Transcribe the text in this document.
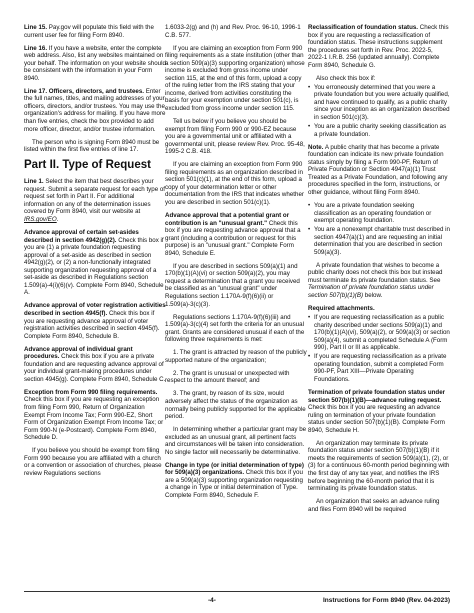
Line 15. Pay.gov will populate this field with the current user fee for filing Form 8940.

Line 16. If you have a website, enter the complete web address. Also, list any websites maintained on your behalf. The information on your website should be consistent with the information in your Form 8940.

Line 17. Officers, directors, and trustees. Enter the full names, titles, and mailing addresses of your officers, directors, and/or trustees. You may use the organization's address for mailing. If you have more than five entries, check the box provided to add more officer, director, and/or trustee information.

The person who is signing Form 8940 must be listed within the first five entries of line 17.

Part II. Type of Request

Line 1. Select the item that best describes your request. Submit a separate request for each type of request set forth in Part II. For additional information on any of the determination issues covered by Form 8940, visit our website at IRS.gov/EO.

Advance approval of certain set-asides described in section 4942(g)(2). Check this box if you are (1) a private foundation requesting approval of a set-aside as described in section 4942(g)(2), or (2) a non-functionally integrated supporting organization requesting approval of a set-aside as described in Regulations section 1.509(a)-4(i)(6)(v). Complete Form 8940, Schedule A.

Advance approval of voter registration activities described in section 4945(f). Check this box if you are requesting advance approval of voter registration activities described in section 4945(f). Complete Form 8940, Schedule B.

Advance approval of individual grant procedures. Check this box if you are a private foundation and are requesting advance approval of your individual grant-making procedures under section 4945(g). Complete Form 8940, Schedule C.

Exception from Form 990 filing requirements. Check this box if you are requesting an exception from filing Form 990, Return of Organization Exempt From Income Tax; Form 990-EZ, Short Form of Organization Exempt From Income Tax; or Form 990-N (e-Postcard). Complete Form 8940, Schedule D.

If you believe you should be exempt from filing Form 990 because you are affiliated with a church or a convention or association of churches, please review Regulations sections

1.6033-2(g) and (h) and Rev. Proc. 96-10, 1996-1 C.B. 577.

If you are claiming an exception from Form 990 filing requirements as a state institution (other than a section 509(a)(3) supporting organization) whose income is excluded from gross income under section 115, at the end of this form, upload a copy of the ruling letter from the IRS stating that your income, derived from activities constituting the basis for your exemption under section 501(c), is excluded from gross income under section 115.

Tell us below if you believe you should be exempt from filing Form 990 or 990-EZ because you are a governmental unit or affiliated with a governmental unit, please review Rev. Proc. 95-48, 1995-2 C.B. 418.

If you are claiming an exception from Form 990 filing requirements as an organization described in section 501(c)(1), at the end of this form, upload a copy of your determination letter or other documentation from the IRS that indicates whether you are described in section 501(c)(1).

Advance approval that a potential grant or contribution is an "unusual grant." Check this box if you are requesting advance approval that a grant (including a contribution or request for this purpose) is an "unusual grant." Complete Form 8940, Schedule E.

If you are described in sections 509(a)(1) and 170(b)(1)(A)(vi) or section 509(a)(2), you may request a determination that a grant you received be classified as an "unusual grant" under Regulations section 1.170A-9(f)(6)(ii) or 1.509(a)-3(c)(3).

Regulations sections 1.170A-9(f)(6)(iii) and 1.509(a)-3(c)(4) set forth the criteria for an unusual grant. Grants are considered unusual if each of the following three requirements is met:

1. The grant is attracted by reason of the publicly supported nature of the organization;

2. The grant is unusual or unexpected with respect to the amount thereof; and

3. The grant, by reason of its size, would adversely affect the status of the organization as normally being publicly supported for the applicable period.

In determining whether a particular grant may be excluded as an unusual grant, all pertinent facts and circumstances will be taken into consideration. No single factor will necessarily be determinative.

Change in type (or initial determination of type) for 509(a)(3) organizations. Check this box if you are a 509(a)(3) supporting organization requesting a change in Type or initial determination of Type. Complete Form 8940, Schedule F.

Reclassification of foundation status. Check this box if you are requesting a reclassification of foundation status. These instructions supplement the procedures set forth in Rev. Proc. 2022-5, 2022-1 I.R.B. 256 (updated annually). Complete Form 8940, Schedule G.

Also check this box if:

• You erroneously determined that you were a private foundation but you were actually qualified, and have continued to qualify, as a public charity since your inception as an organization described in section 501(c)(3).

• You are a public charity seeking classification as a private foundation.

Note. A public charity that has become a private foundation can indicate its new private foundation status simply by filing a Form 990-PF, Return of Private Foundation or Section 4947(a)(1) Trust Treated as a Private Foundation, and following any procedures specified in the form, instructions, or other guidance, without filing Form 8940.

• You are a private foundation seeking classification as an operating foundation or exempt operating foundation.

• You are a nonexempt charitable trust described in section 4947(a)(1) and are requesting an initial determination that you are described in section 509(a)(3).

A private foundation that wishes to become a public charity does not check this box but instead must terminate its private foundation status. See Termination of private foundation status under section 507(b)(1)(B) below.

Required attachments.

• If you are requesting reclassification as a public charity described under sections 509(a)(1) and 170(b)(1)(A)(vi), 509(a)(2), or 509(a)(3) or section 509(a)(4), submit a completed Schedule A (Form 990), Part II or III as applicable.

• If you are requesting reclassification as a private operating foundation, submit a completed Form 990-PF, Part XIII—Private Operating Foundations.

Termination of private foundation status under section 507(b)(1)(B)—advance ruling request. Check this box if you are requesting an advance ruling on termination of your private foundation status under section 507(b)(1)(B). Complete Form 8940, Schedule H.

An organization may terminate its private foundation status under section 507(b)(1)(B) if it meets the requirements of section 509(a)(1), (2), or (3) for a continuous 60-month period beginning with the first day of any tax year, and notifies the IRS before beginning the 60-month period that it is terminating its private foundation status.

An organization that seeks an advance ruling and files Form 8940 will be required

-4-	Instructions for Form 8940 (Rev. 04-2023)
